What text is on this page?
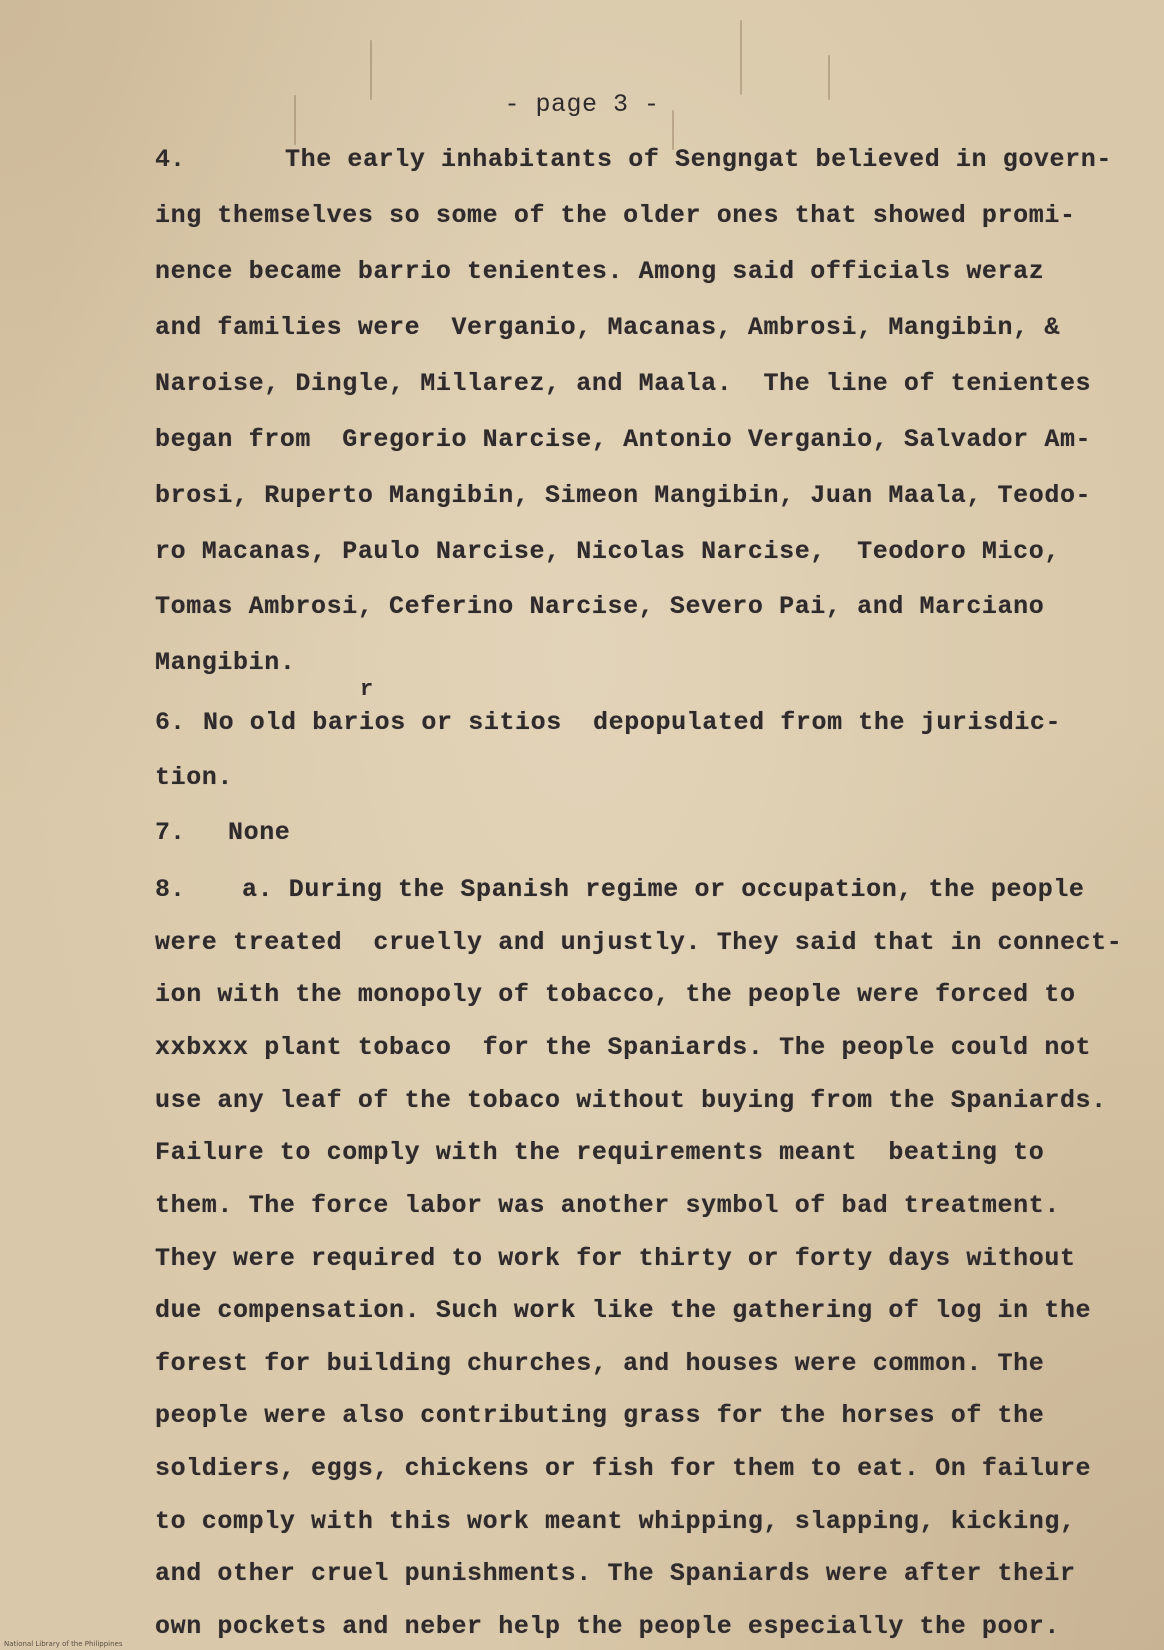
- page 3 -
4.	The early inhabitants of Sengngat believed in govern-
ing themselves so some of the older ones that showed promi-
nence became barrio tenientes. Among said officials weraz
and families were  Verganio, Macanas, Ambrosi, Mangibin, &
Naroise, Dingle, Millarez, and Maala.  The line of tenientes
began from  Gregorio Narcise, Antonio Verganio, Salvador Am-
brosi, Ruperto Mangibin, Simeon Mangibin, Juan Maala, Teodo-
ro Macanas, Paulo Narcise, Nicolas Narcise,  Teodoro Mico,
Tomas Ambrosi, Ceferino Narcise, Severo Pai, and Marciano
Mangibin.
r
6. No old barios or sitios  depopulated from the jurisdic-
tion.
7. None
8. a. During the Spanish regime or occupation, the people
were treated  cruelly and unjustly. They said that in connect-
ion with the monopoly of tobacco, the people were forced to
xxbxxx plant tobaco  for the Spaniards. The people could not
use any leaf of the tobaco without buying from the Spaniards.
Failure to comply with the requirements meant  beating to
them. The force labor was another symbol of bad treatment.
They were required to work for thirty or forty days without
due compensation. Such work like the gathering of log in the
forest for building churches, and houses were common. The
people were also contributing grass for the horses of the
soldiers, eggs, chickens or fish for them to eat. On failure
to comply with this work meant whipping, slapping, kicking,
and other cruel punishments. The Spaniards were after their
own pockets and neber help the people especially the poor.
National Library of the Philippines
